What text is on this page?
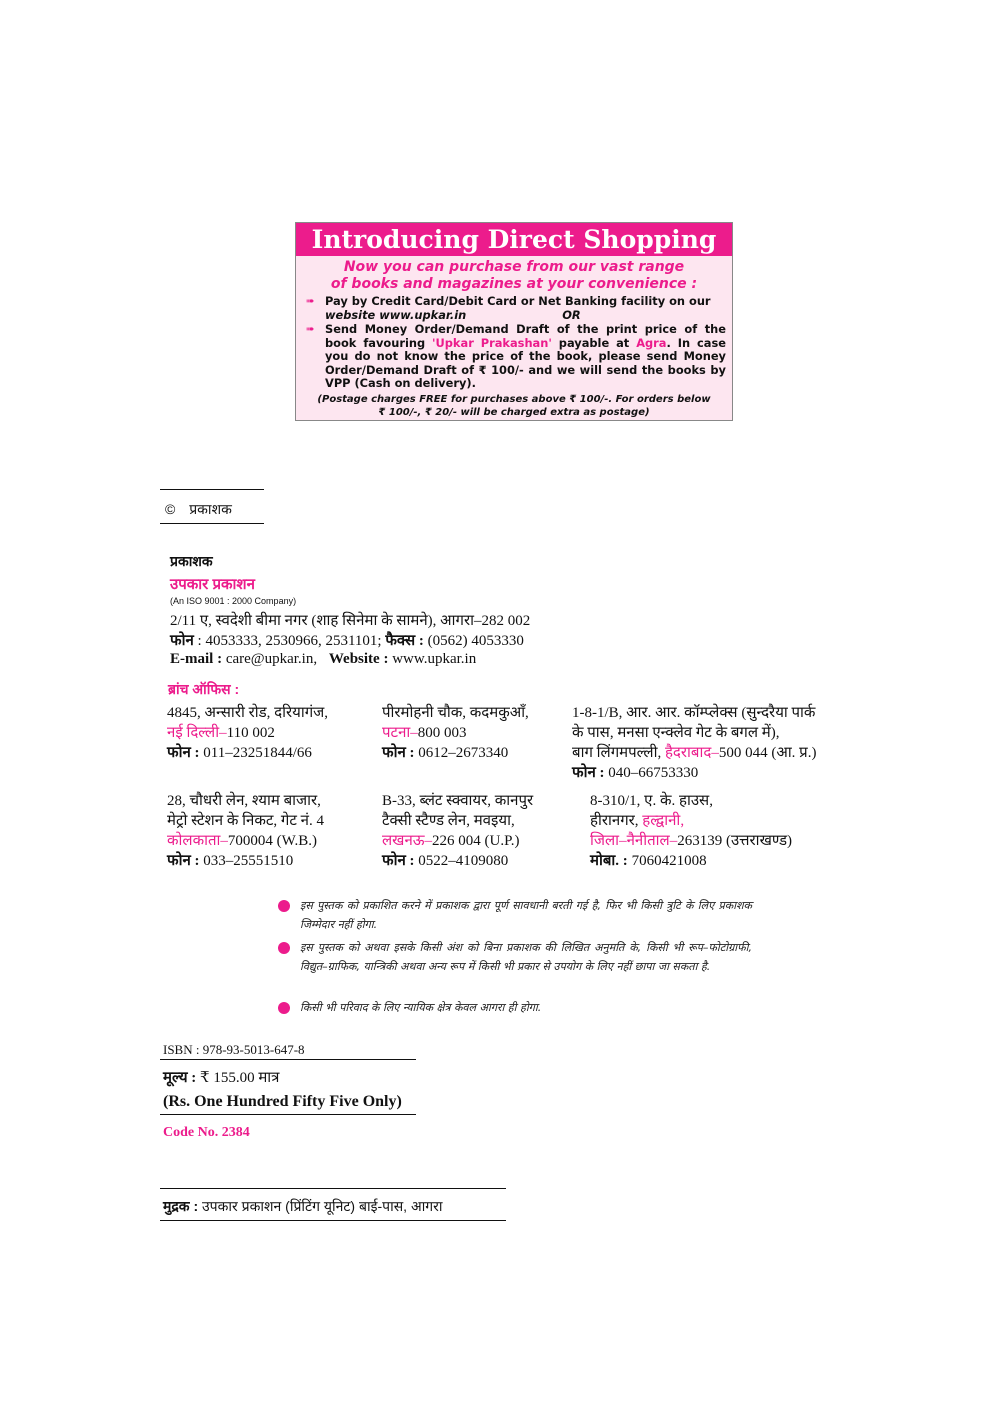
Introducing Direct Shopping
Now you can purchase from our vast range
of books and magazines at your convenience :
➠ Pay by Credit Card/Debit Card or Net Banking facility on our
website www.upkar.in	OR
➠ Send Money Order/Demand Draft of the print price of the book favouring 'Upkar Prakashan' payable at Agra. In case you do not know the price of the book, please send Money Order/Demand Draft of ₹ 100/- and we will send the books by VPP (Cash on delivery).
(Postage charges FREE for purchases above ₹ 100/-. For orders below
₹ 100/-, ₹ 20/- will be charged extra as postage)
© प्रकाशक
प्रकाशक
उपकार प्रकाशन
(An ISO 9001 : 2000 Company)
2/11 ए, स्वदेशी बीमा नगर (शाह सिनेमा के सामने), आगरा–282 002
फोन : 4053333, 2530966, 2531101; फैक्स : (0562) 4053330
E-mail : care@upkar.in, Website : www.upkar.in
ब्रांच ऑफिस :
4845, अन्सारी रोड, दरियागंज,
नई दिल्ली–110 002
फोन : 011–23251844/66
पीरमोहनी चौक, कदमकुआँ,
पटना–800 003
फोन : 0612–2673340
1-8-1/B, आर. आर. कॉम्प्लेक्स (सुन्दरैया पार्क
के पास, मनसा एन्क्लेव गेट के बगल में),
बाग लिंगमपल्ली, हैदराबाद–500 044 (आ. प्र.)
फोन : 040–66753330
28, चौधरी लेन, श्याम बाजार,
मेट्रो स्टेशन के निकट, गेट नं. 4
कोलकाता–700004 (W.B.)
फोन : 033–25551510
B-33, ब्लंट स्क्वायर, कानपुर
टैक्सी स्टैण्ड लेन, मवइया,
लखनऊ–226 004 (U.P.)
फोन : 0522–4109080
8-310/1, ए. के. हाउस,
हीरानगर, हल्द्वानी,
जिला–नैनीताल–263139 (उत्तराखण्ड)
मोबा. : 7060421008
इस पुस्तक को प्रकाशित करने में प्रकाशक द्वारा पूर्ण सावधानी बरती गई है, फिर भी किसी त्रुटि के लिए प्रकाशक जिम्मेदार नहीं होगा.
इस पुस्तक को अथवा इसके किसी अंश को बिना प्रकाशक की लिखित अनुमति के, किसी भी रूप–फोटोग्राफी, विद्युत–ग्राफिक, यान्त्रिकी अथवा अन्य रूप में किसी भी प्रकार से उपयोग के लिए नहीं छापा जा सकता है.
किसी भी परिवाद के लिए न्यायिक क्षेत्र केवल आगरा ही होगा.
ISBN : 978-93-5013-647-8
मूल्य : ₹ 155.00 मात्र
(Rs. One Hundred Fifty Five Only)
Code No. 2384
मुद्रक : उपकार प्रकाशन (प्रिंटिंग यूनिट) बाई-पास, आगरा
